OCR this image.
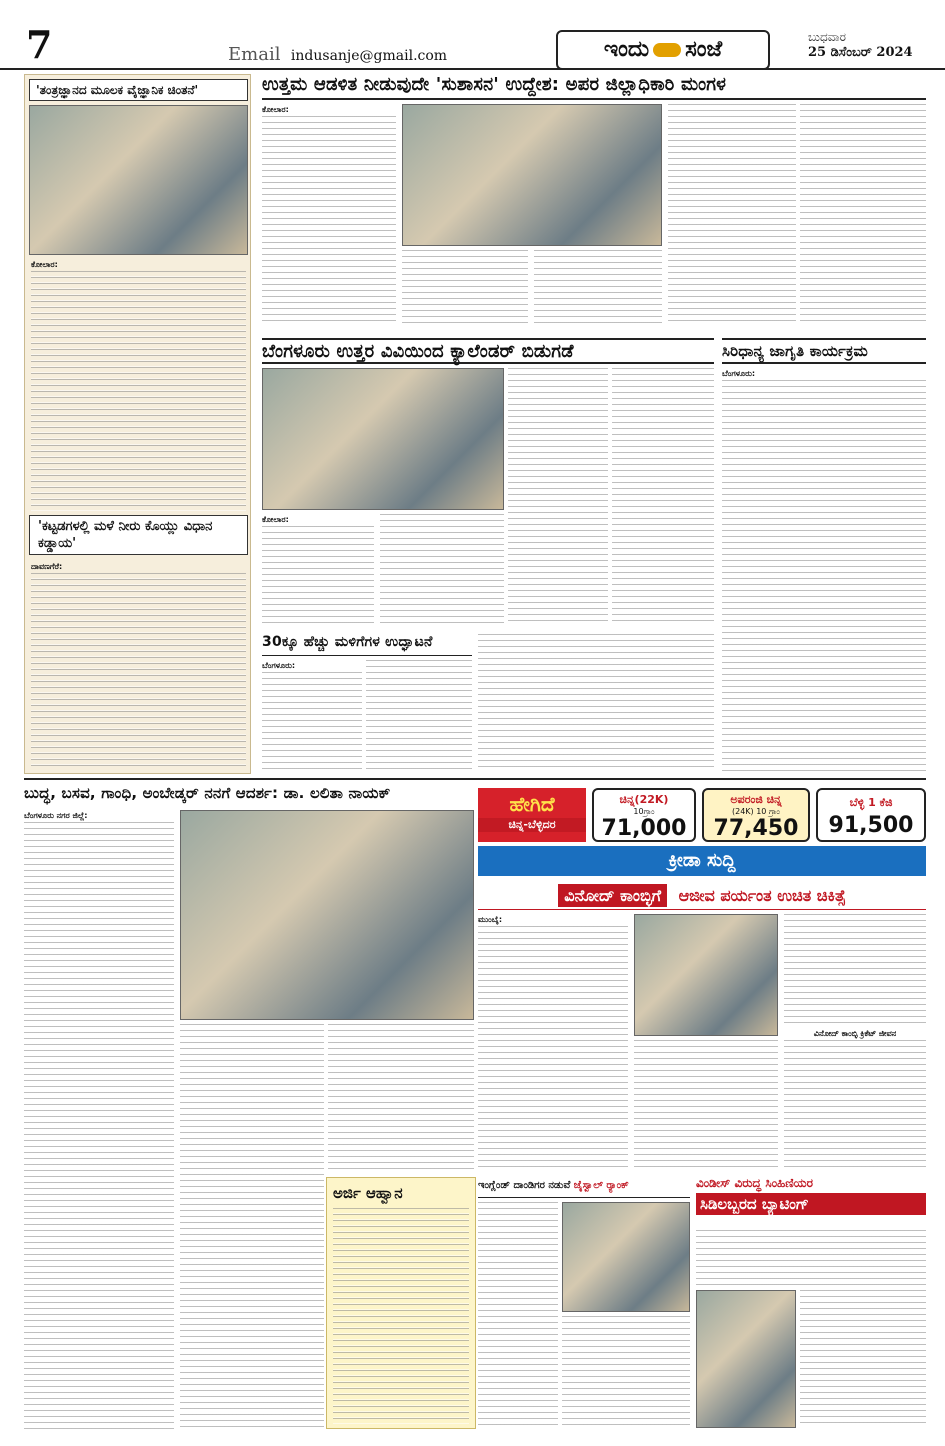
7	Email indusanje@gmail.com	ಇಂದು ಸಂಜೆ	ಬುಧವಾರ
25 ಡಿಸೆಂಬರ್ 2024
'ತಂತ್ರಜ್ಞಾನದ ಮೂಲಕ ವೈಜ್ಞಾನಿಕ ಚಿಂತನೆ'
ಕೋಲಾರ:
'ಕಟ್ಟಡಗಳಲ್ಲಿ ಮಳೆ ನೀರು ಕೊಯ್ಲು ವಿಧಾನ ಕಡ್ಡಾಯ'
ದಾವಣಗೆರೆ:
ಉತ್ತಮ ಆಡಳಿತ ನೀಡುವುದೇ 'ಸುಶಾಸನ' ಉದ್ದೇಶ: ಅಪರ ಜಿಲ್ಲಾಧಿಕಾರಿ ಮಂಗಳ
ಕೋಲಾರ:
ಬೆಂಗಳೂರು ಉತ್ತರ ವಿವಿಯಿಂದ ಕ್ಯಾಲೆಂಡರ್ ಬಿಡುಗಡೆ
ಕೋಲಾರ:
30ಕ್ಕೂ ಹೆಚ್ಚು ಮಳಿಗೆಗಳ ಉದ್ಘಾಟನೆ
ಬೆಂಗಳೂರು:
ಸಿರಿಧಾನ್ಯ ಜಾಗೃತಿ ಕಾರ್ಯಕ್ರಮ
ಬೆಂಗಳೂರು:
ಬುದ್ಧ, ಬಸವ, ಗಾಂಧಿ, ಅಂಬೇಡ್ಕರ್ ನನಗೆ ಆದರ್ಶ: ಡಾ. ಲಲಿತಾ ನಾಯಕ್
ಬೆಂಗಳೂರು ನಗರ ಜಿಲ್ಲೆ:
ಅರ್ಜಿ ಆಹ್ವಾನ
ಹೇಗಿದೆ
ಚಿನ್ನ-ಬೆಳ್ಳಿದರ
ಚಿನ್ನ(22K)
10ಗ್ರಾಂ
71,000
ಅಪರಂಜಿ ಚಿನ್ನ
(24K) 10 ಗ್ರಾಂ
77,450
ಬೆಳ್ಳಿ 1 ಕೆಜಿ
91,500
ಕ್ರೀಡಾ ಸುದ್ದಿ
ವಿನೋದ್ ಕಾಂಬ್ಳಿಗೆ ಆಜೀವ ಪರ್ಯಂತ ಉಚಿತ ಚಿಕಿತ್ಸೆ
ಮುಂಬೈ:
ವಿನೋದ್ ಕಾಂಬ್ಳಿ ಕ್ರಿಕೆಟ್ ಜೀವನ
ಇಂಗ್ಲೆಂಡ್ ದಾಂಡಿಗರ ನಡುವೆ ಜೈಸ್ವಾಲ್ ರ್‍ಯಾಂಕ್	ವಿಂಡೀಸ್ ವಿರುದ್ಧ ಸಿಂಹಿಣಿಯರ
ಸಿಡಿಲಬ್ಬರದ ಬ್ಯಾಟಿಂಗ್
